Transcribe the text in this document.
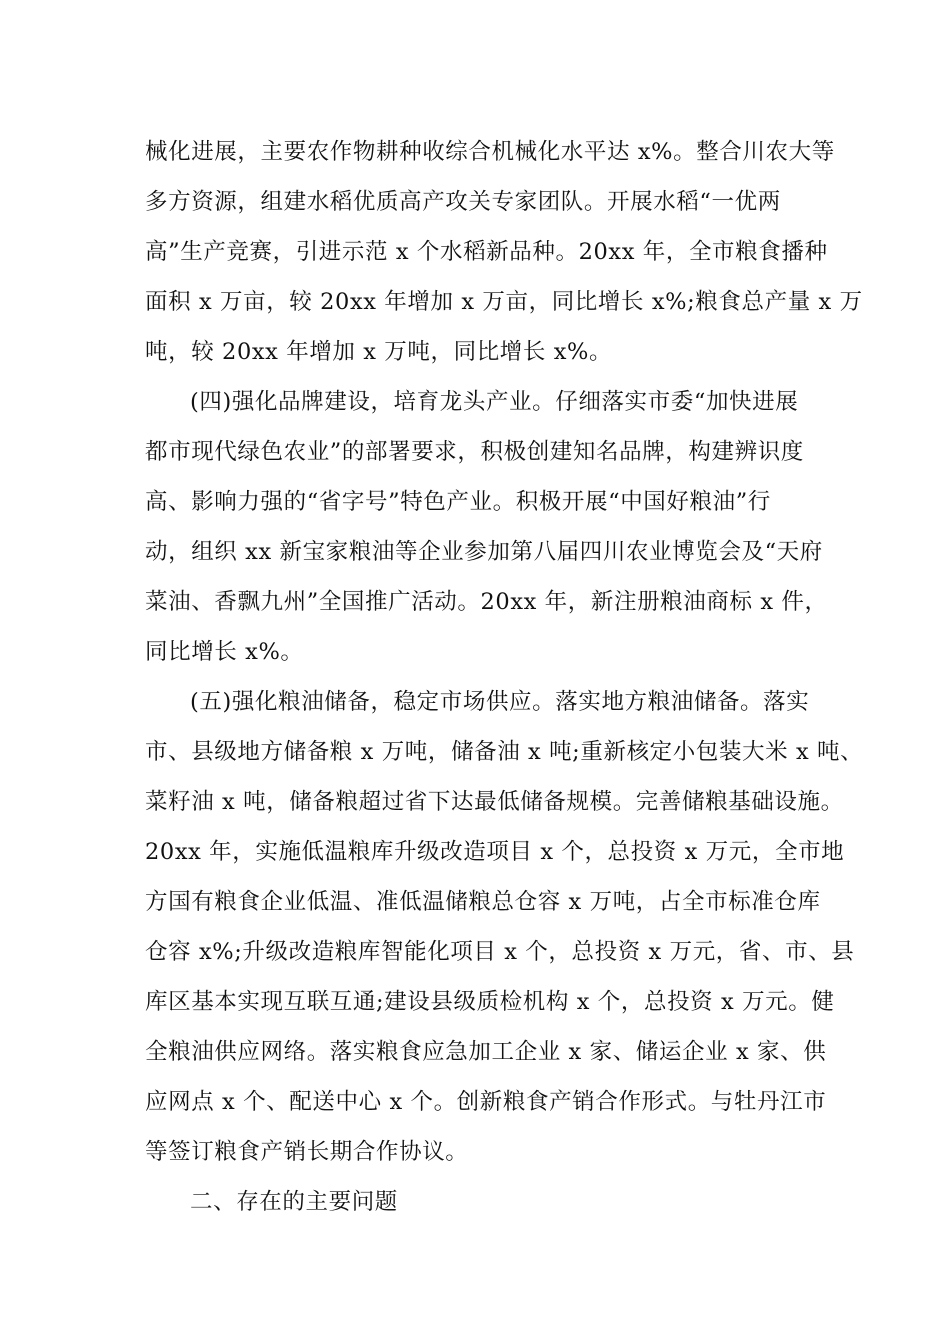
械化进展，主要农作物耕种收综合机械化水平达 x%。整合川农大等
多方资源，组建水稻优质高产攻关专家团队。开展水稻“一优两
高”生产竞赛，引进示范 x 个水稻新品种。20xx 年，全市粮食播种
面积 x 万亩，较 20xx 年增加 x 万亩，同比增长 x%;粮食总产量 x 万
吨，较 20xx 年增加 x 万吨，同比增长 x%。
(四)强化品牌建设，培育龙头产业。仔细落实市委“加快进展
都市现代绿色农业”的部署要求，积极创建知名品牌，构建辨识度
高、影响力强的“省字号”特色产业。积极开展“中国好粮油”行
动，组织 xx 新宝家粮油等企业参加第八届四川农业博览会及“天府
菜油、香飘九州”全国推广活动。20xx 年，新注册粮油商标 x 件，
同比增长 x%。
(五)强化粮油储备，稳定市场供应。落实地方粮油储备。落实
市、县级地方储备粮 x 万吨，储备油 x 吨;重新核定小包装大米 x 吨、
菜籽油 x 吨，储备粮超过省下达最低储备规模。完善储粮基础设施。
20xx 年，实施低温粮库升级改造项目 x 个，总投资 x 万元，全市地
方国有粮食企业低温、准低温储粮总仓容 x 万吨，占全市标准仓库
仓容 x%;升级改造粮库智能化项目 x 个，总投资 x 万元，省、市、县
库区基本实现互联互通;建设县级质检机构 x 个，总投资 x 万元。健
全粮油供应网络。落实粮食应急加工企业 x 家、储运企业 x 家、供
应网点 x 个、配送中心 x 个。创新粮食产销合作形式。与牡丹江市
等签订粮食产销长期合作协议。
二、存在的主要问题
